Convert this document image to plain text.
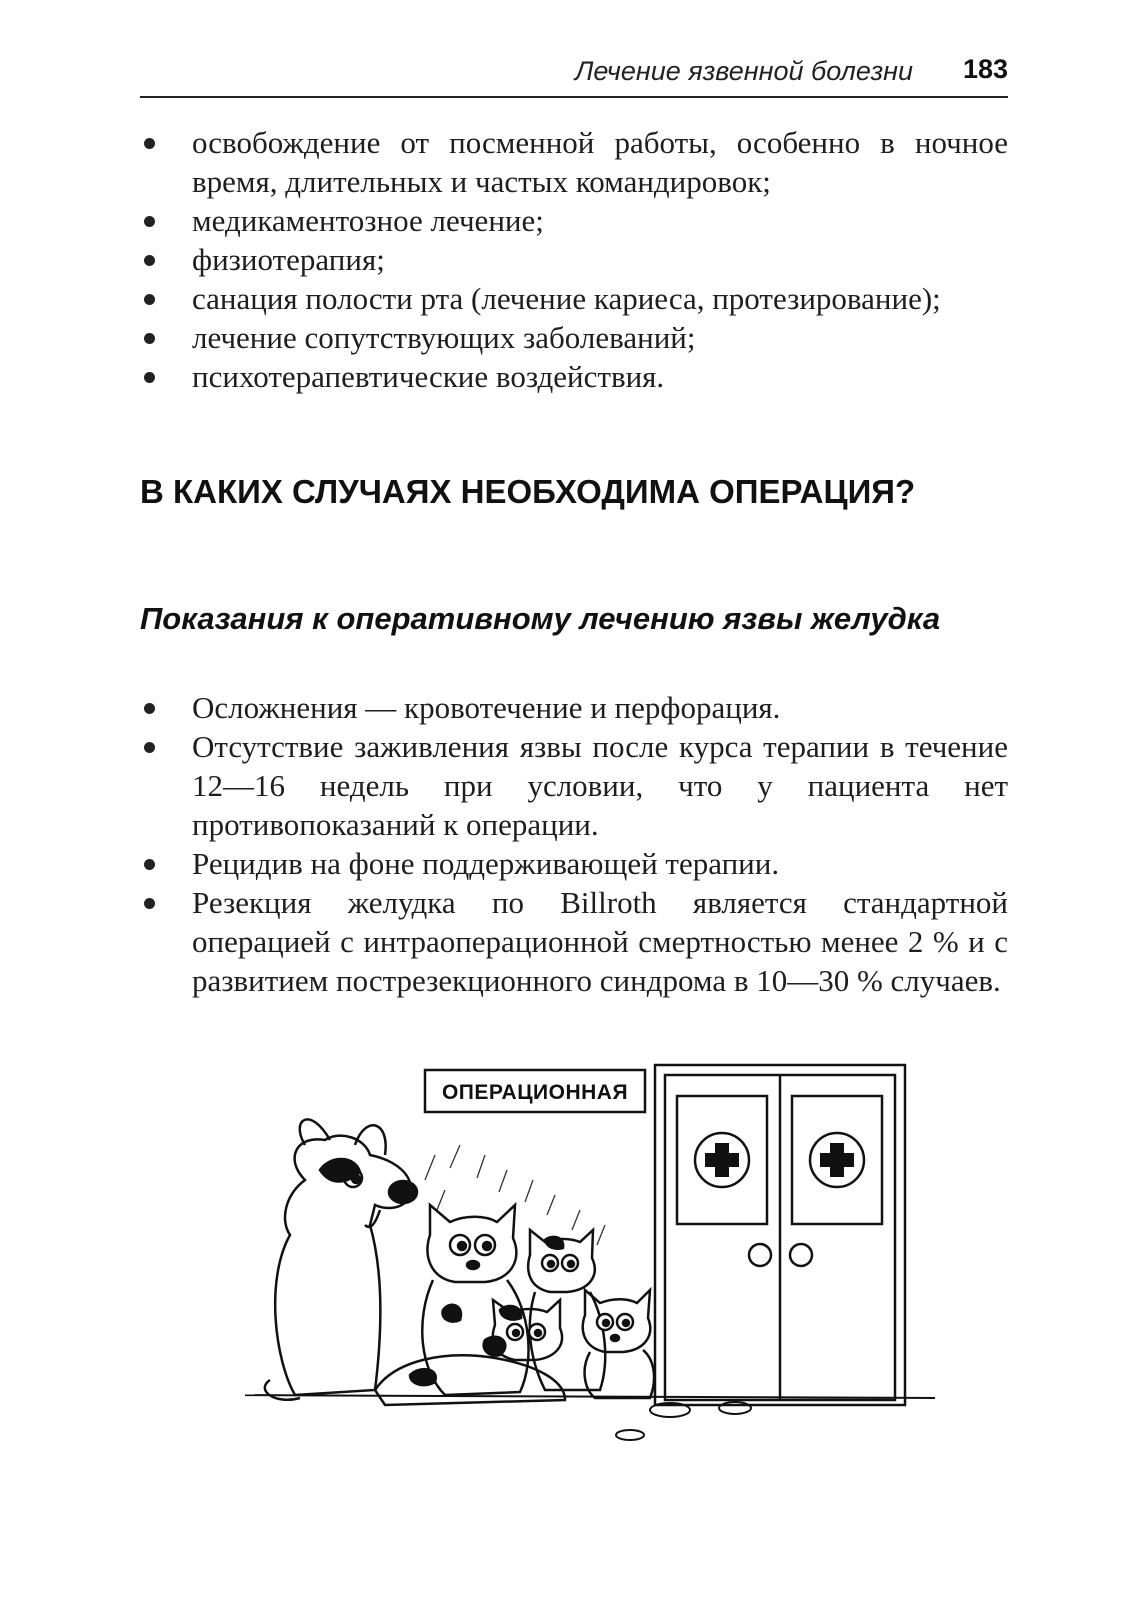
Лечение язвенной болезни 183
освобождение от посменной работы, особенно в ночное время, длительных и частых командировок;
медикаментозное лечение;
физиотерапия;
санация полости рта (лечение кариеса, протезирование);
лечение сопутствующих заболеваний;
психотерапевтические воздействия.
В КАКИХ СЛУЧАЯХ НЕОБХОДИМА ОПЕРАЦИЯ?
Показания к оперативному лечению язвы желудка
Осложнения — кровотечение и перфорация.
Отсутствие заживления язвы после курса терапии в течение 12—16 недель при условии, что у пациента нет противопоказаний к операции.
Рецидив на фоне поддерживающей терапии.
Резекция желудка по Billroth является стандартной операцией с интраоперационной смертностью менее 2 % и с развитием пострезекционного синдрома в 10—30 % случаев.
ОПЕРАЦИОННАЯ
